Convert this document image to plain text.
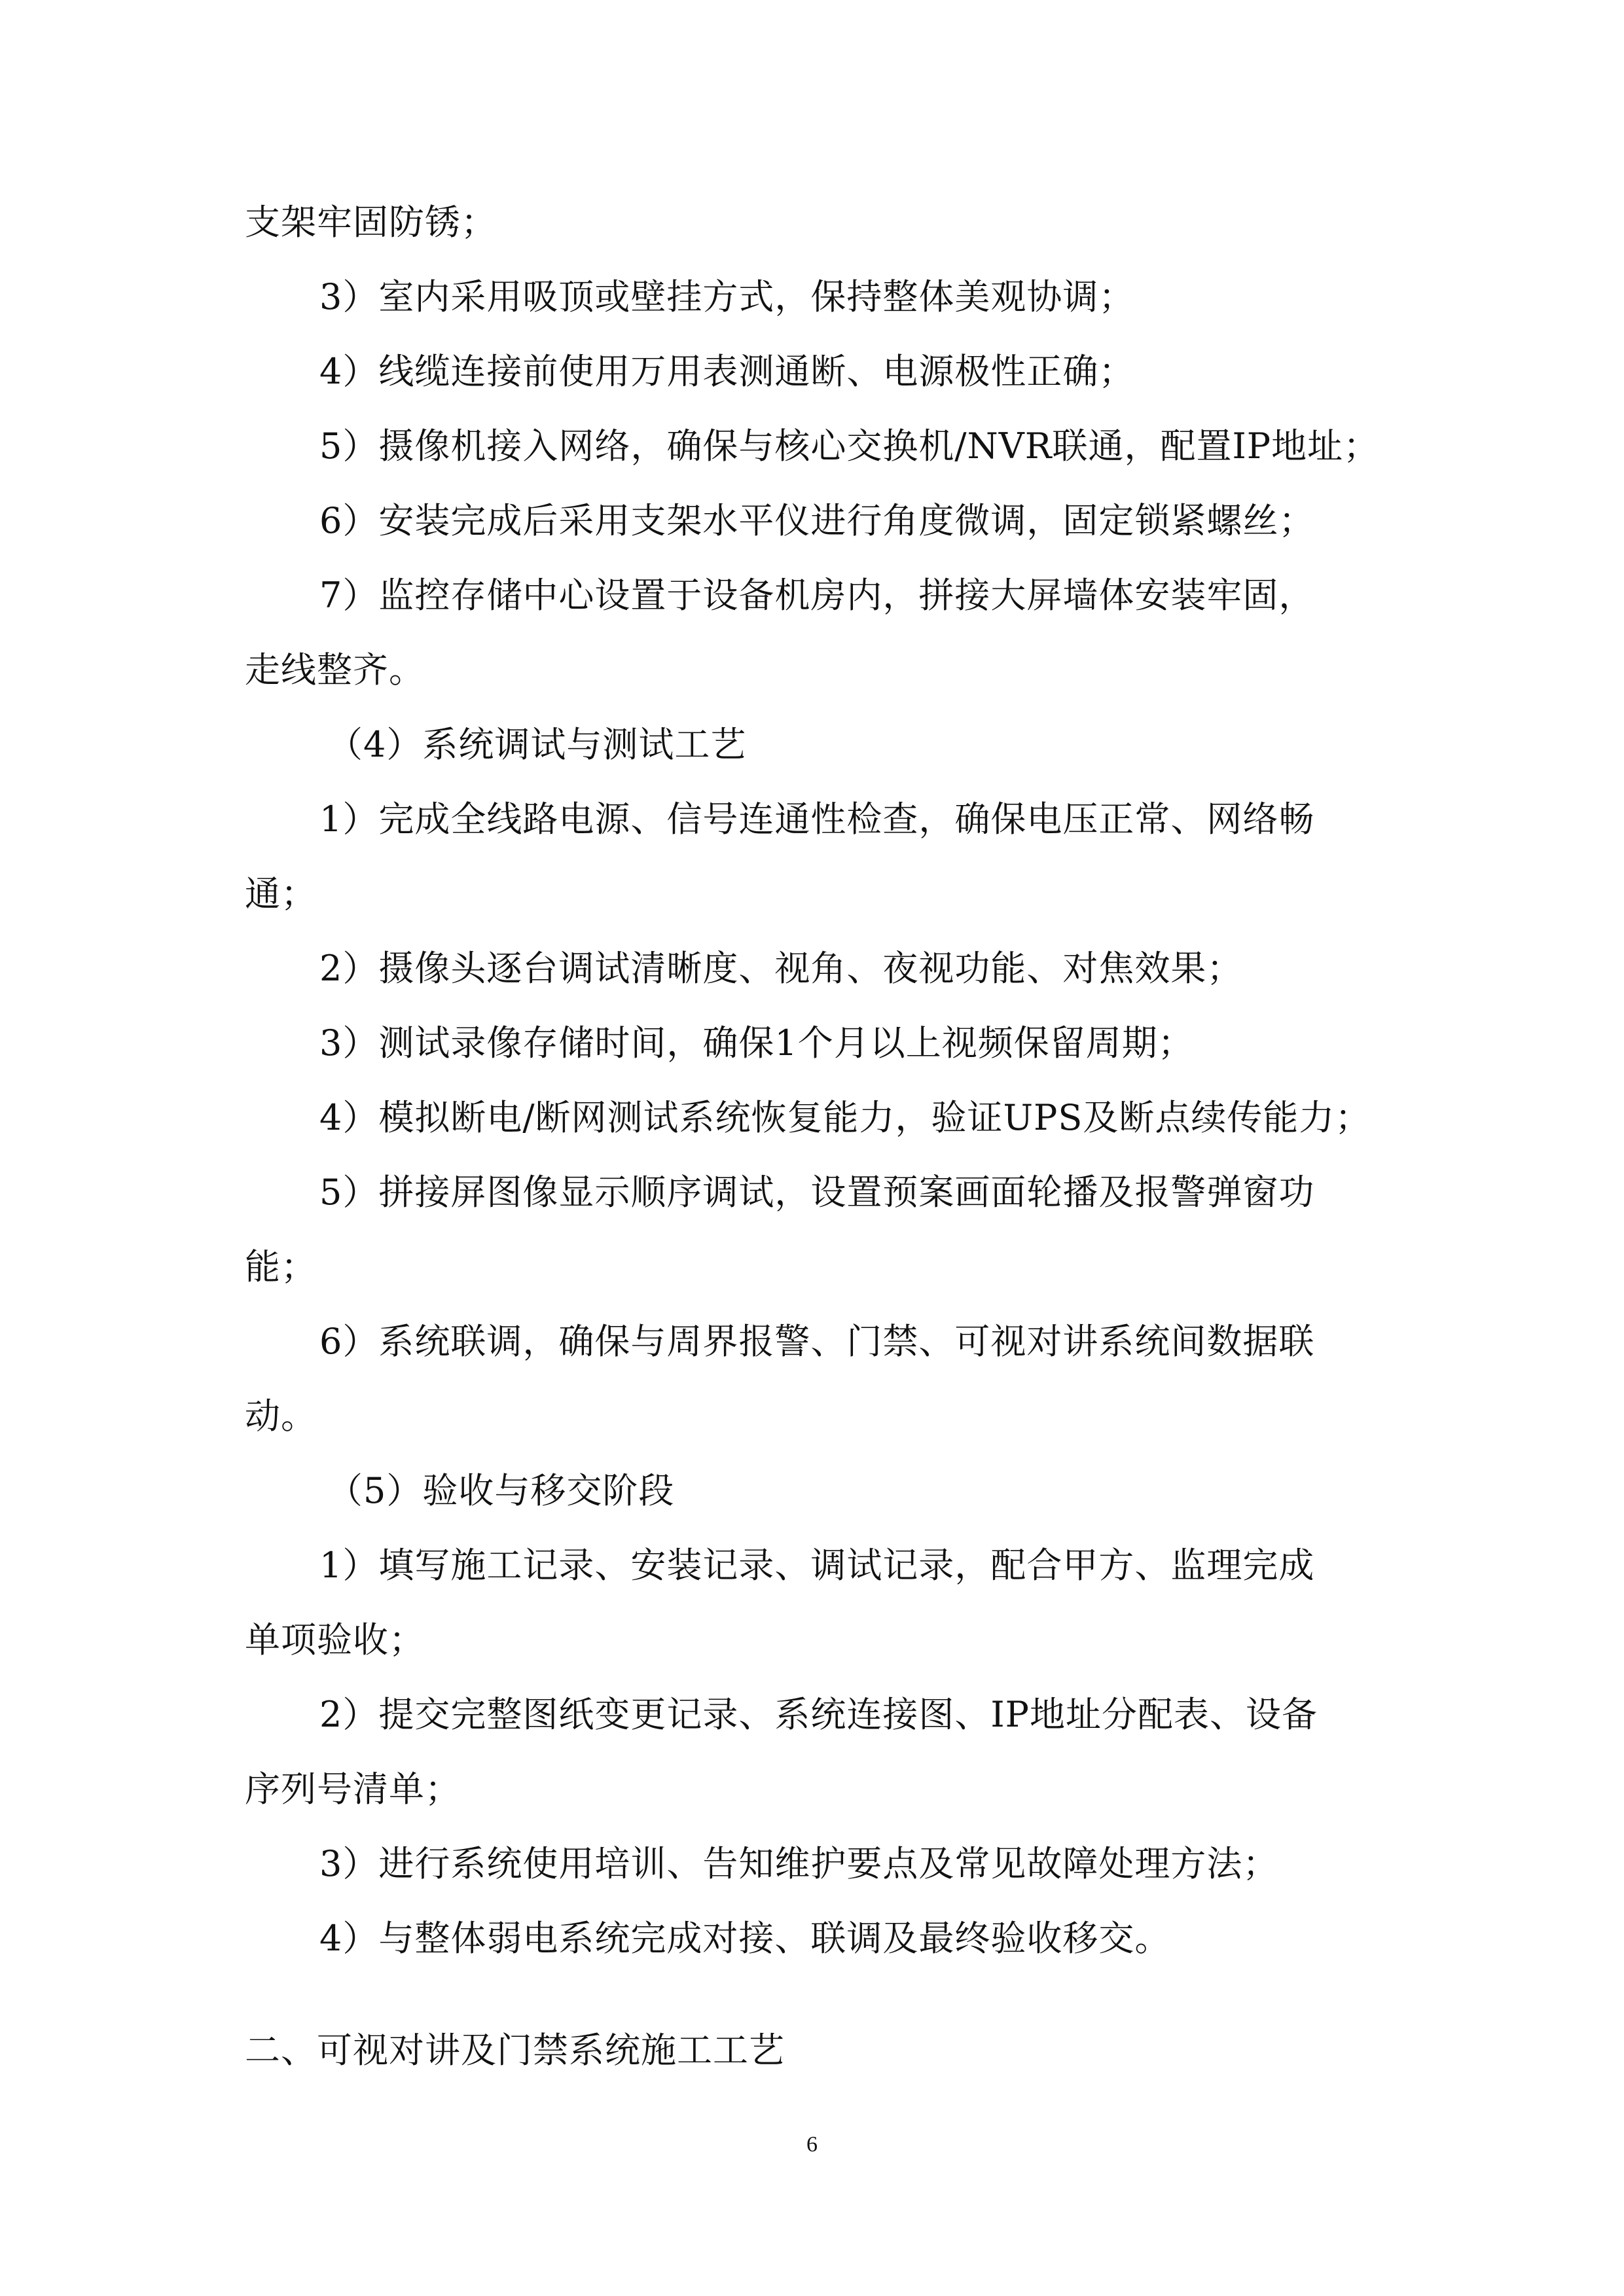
支架牢固防锈；
3）室内采用吸顶或壁挂方式，保持整体美观协调；
4）线缆连接前使用万用表测通断、电源极性正确；
5）摄像机接入网络，确保与核心交换机/NVR联通，配置IP地址；
6）安装完成后采用支架水平仪进行角度微调，固定锁紧螺丝；
7）监控存储中心设置于设备机房内，拼接大屏墙体安装牢固，
走线整齐。
（4）系统调试与测试工艺
1）完成全线路电源、信号连通性检查，确保电压正常、网络畅
通；
2）摄像头逐台调试清晰度、视角、夜视功能、对焦效果；
3）测试录像存储时间，确保1个月以上视频保留周期；
4）模拟断电/断网测试系统恢复能力，验证UPS及断点续传能力；
5）拼接屏图像显示顺序调试，设置预案画面轮播及报警弹窗功
能；
6）系统联调，确保与周界报警、门禁、可视对讲系统间数据联
动。
（5）验收与移交阶段
1）填写施工记录、安装记录、调试记录，配合甲方、监理完成
单项验收；
2）提交完整图纸变更记录、系统连接图、IP地址分配表、设备
序列号清单；
3）进行系统使用培训、告知维护要点及常见故障处理方法；
4）与整体弱电系统完成对接、联调及最终验收移交。
二、可视对讲及门禁系统施工工艺
6
